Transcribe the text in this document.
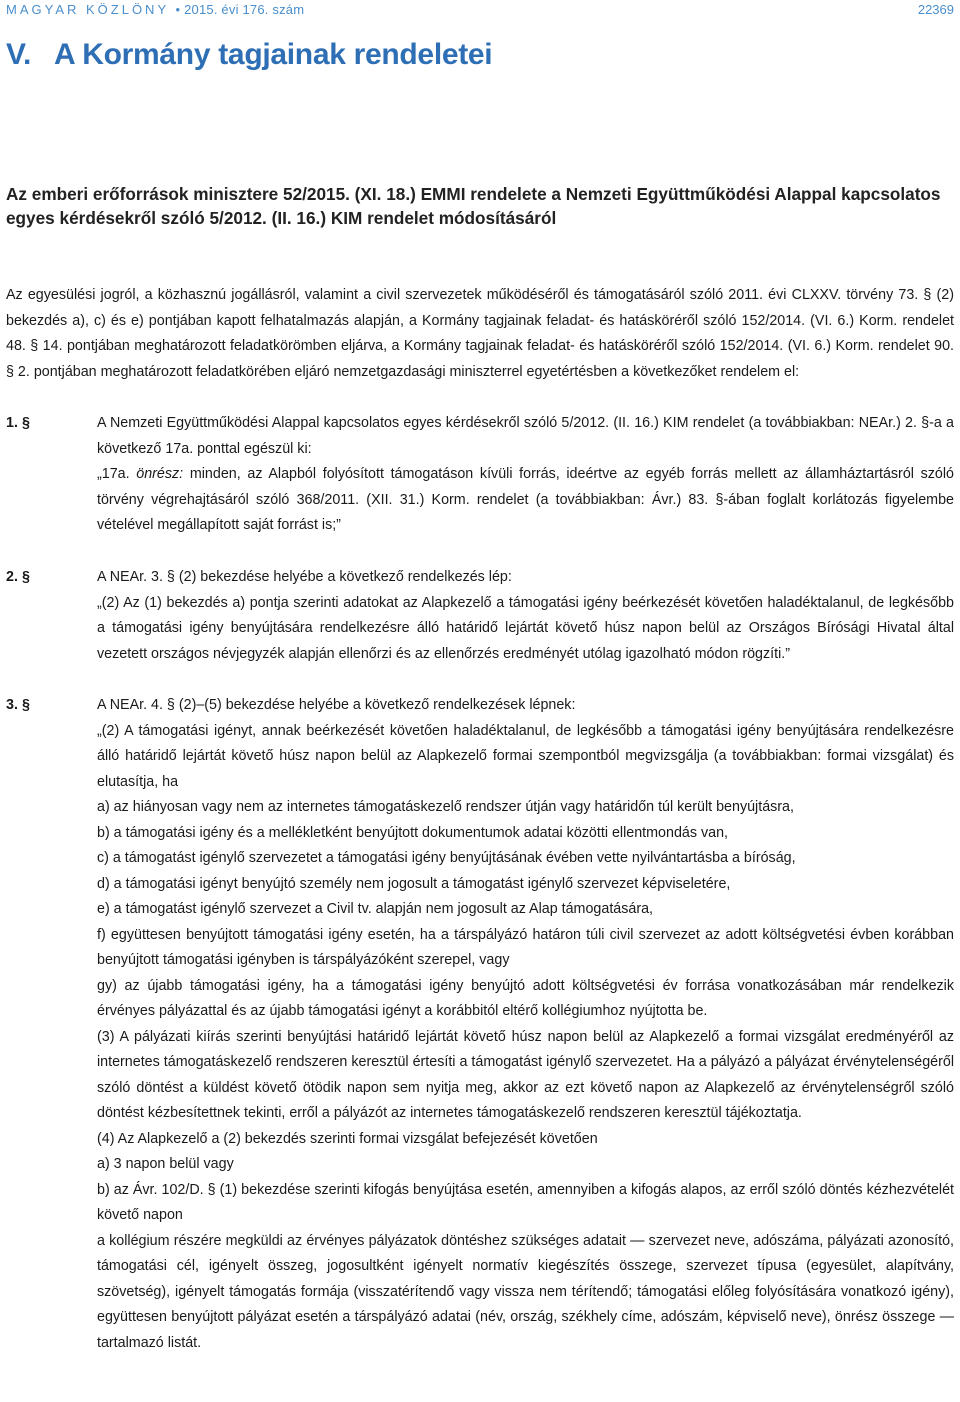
MAGYAR KÖZLÖNY • 2015. évi 176. szám	22369
V.   A Kormány tagjainak rendeletei
Az emberi erőforrások minisztere 52/2015. (XI. 18.) EMMI rendelete a Nemzeti Együttműködési Alappal kapcsolatos egyes kérdésekről szóló 5/2012. (II. 16.) KIM rendelet módosításáról

Az egyesülési jogról, a közhasznú jogállásról, valamint a civil szervezetek működéséről és támogatásáról szóló 2011. évi CLXXV. törvény 73. § (2) bekezdés a), c) és e) pontjában kapott felhatalmazás alapján, a Kormány tagjainak feladat- és hatásköréről szóló 152/2014. (VI. 6.) Korm. rendelet 48. § 14. pontjában meghatározott feladatkörömben eljárva, a Kormány tagjainak feladat- és hatásköréről szóló 152/2014. (VI. 6.) Korm. rendelet 90. § 2. pontjában meghatározott feladatkörében eljáró nemzetgazdasági miniszterrel egyetértésben a következőket rendelem el:

1. §	A Nemzeti Együttműködési Alappal kapcsolatos egyes kérdésekről szóló 5/2012. (II. 16.) KIM rendelet (a továbbiakban: NEAr.) 2. §-a a következő 17a. ponttal egészül ki:

„17a. önrész: minden, az Alapból folyósított támogatáson kívüli forrás, ideértve az egyéb forrás mellett az államháztartásról szóló törvény végrehajtásáról szóló 368/2011. (XII. 31.) Korm. rendelet (a továbbiakban: Ávr.) 83. §-ában foglalt korlátozás figyelembe vételével megállapított saját forrást is;”

2. §	A NEAr. 3. § (2) bekezdése helyébe a következő rendelkezés lép:

„(2) Az (1) bekezdés a) pontja szerinti adatokat az Alapkezelő a támogatási igény beérkezését követően haladéktalanul, de legkésőbb a támogatási igény benyújtására rendelkezésre álló határidő lejártát követő húsz napon belül az Országos Bírósági Hivatal által vezetett országos névjegyzék alapján ellenőrzi és az ellenőrzés eredményét utólag igazolható módon rögzíti.”

3. §	A NEAr. 4. § (2)–(5) bekezdése helyébe a következő rendelkezések lépnek:

„(2) A támogatási igényt, annak beérkezését követően haladéktalanul, de legkésőbb a támogatási igény benyújtására rendelkezésre álló határidő lejártát követő húsz napon belül az Alapkezelő formai szempontból megvizsgálja (a továbbiakban: formai vizsgálat) és elutasítja, ha

a) az hiányosan vagy nem az internetes támogatáskezelő rendszer útján vagy határidőn túl került benyújtásra,

b) a támogatási igény és a mellékletként benyújtott dokumentumok adatai közötti ellentmondás van,

c) a támogatást igénylő szervezetet a támogatási igény benyújtásának évében vette nyilvántartásba a bíróság,

d) a támogatási igényt benyújtó személy nem jogosult a támogatást igénylő szervezet képviseletére,

e) a támogatást igénylő szervezet a Civil tv. alapján nem jogosult az Alap támogatására,

f) együttesen benyújtott támogatási igény esetén, ha a társpályázó határon túli civil szervezet az adott költségvetési évben korábban benyújtott támogatási igényben is társpályázóként szerepel, vagy

gy) az újabb támogatási igény, ha a támogatási igény benyújtó adott költségvetési év forrása vonatkozásában már rendelkezik érvényes pályázattal és az újabb támogatási igényt a korábbitól eltérő kollégiumhoz nyújtotta be.

(3) A pályázati kiírás szerinti benyújtási határidő lejártát követő húsz napon belül az Alapkezelő a formai vizsgálat eredményéről az internetes támogatáskezelő rendszeren keresztül értesíti a támogatást igénylő szervezetet. Ha a pályázó a pályázat érvénytelenségéről szóló döntést a küldést követő ötödik napon sem nyitja meg, akkor az ezt követő napon az Alapkezelő az érvénytelenségről szóló döntést kézbesítettnek tekinti, erről a pályázót az internetes támogatáskezelő rendszeren keresztül tájékoztatja.

(4) Az Alapkezelő a (2) bekezdés szerinti formai vizsgálat befejezését követően

a) 3 napon belül vagy

b) az Ávr. 102/D. § (1) bekezdése szerinti kifogás benyújtása esetén, amennyiben a kifogás alapos, az erről szóló döntés kézhezvételét követő napon

a kollégium részére megküldi az érvényes pályázatok döntéshez szükséges adatait — szervezet neve, adószáma, pályázati azonosító, támogatási cél, igényelt összeg, jogosultként igényelt normatív kiegészítés összege, szervezet típusa (egyesület, alapítvány, szövetség), igényelt támogatás formája (visszatérítendő vagy vissza nem térítendő; támogatási előleg folyósítására vonatkozó igény), együttesen benyújtott pályázat esetén a társpályázó adatai (név, ország, székhely címe, adószám, képviselő neve), önrész összege — tartalmazó listát.
